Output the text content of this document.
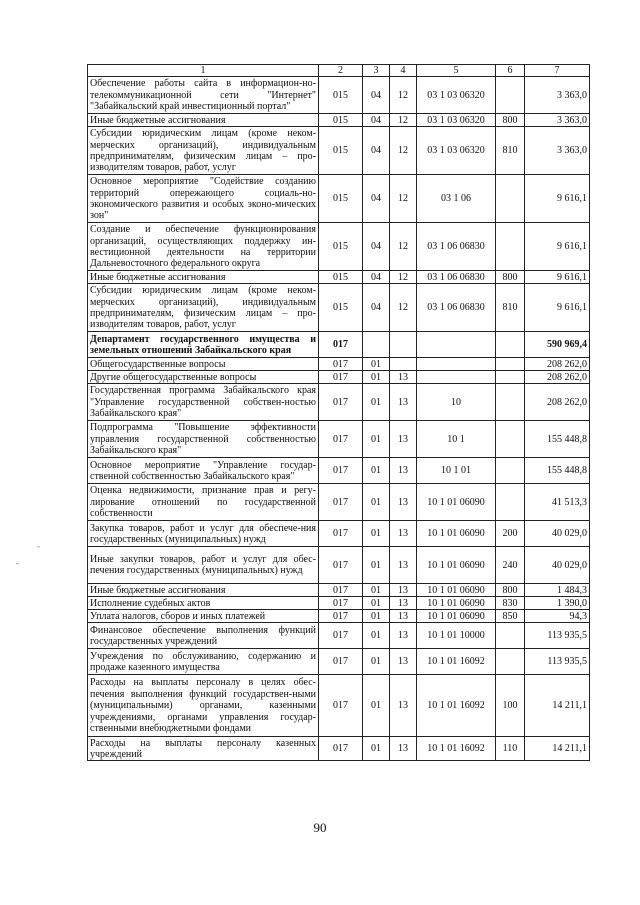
1	2	3	4	5	6	7
Обеспечение работы сайта в информацион-но-телекоммуникационной сети "Интернет" "Забайкальский край инвестиционный портал"	015	04	12	03 1 03 06320		3 363,0
Иные бюджетные ассигнования	015	04	12	03 1 03 06320	800	3 363,0
Субсидии юридическим лицам (кроме неком-мерческих организаций), индивидуальным предпринимателям, физическим лицам – про-изводителям товаров, работ, услуг	015	04	12	03 1 03 06320	810	3 363,0
Основное мероприятие "Содействие созданию территорий опережающего социаль-но-экономического развития и особых эконо-мических зон"	015	04	12	03 1 06		9 616,1
Создание и обеспечение функционирования организаций, осуществляющих поддержку ин-вестиционной деятельности на территории Дальневосточного федерального округа	015	04	12	03 1 06 06830		9 616,1
Иные бюджетные ассигнования	015	04	12	03 1 06 06830	800	9 616,1
Субсидии юридическим лицам (кроме неком-мерческих организаций), индивидуальным предпринимателям, физическим лицам – про-изводителям товаров, работ, услуг	015	04	12	03 1 06 06830	810	9 616,1
Департамент государственного имущества и земельных отношений Забайкальского края	017					590 969,4
Общегосударственные вопросы	017	01				208 262,0
Другие общегосударственные вопросы	017	01	13			208 262,0
Государственная программа Забайкальского края "Управление государственной собствен-ностью Забайкальского края"	017	01	13	10		208 262,0
Подпрограмма "Повышение эффективности управления государственной собственностью Забайкальского края"	017	01	13	10 1		155 448,8
Основное мероприятие "Управление государ-ственной собственностью Забайкальского края"	017	01	13	10 1 01		155 448,8
Оценка недвижимости, признание прав и регу-лирование отношений по государственной собственности	017	01	13	10 1 01 06090		41 513,3
Закупка товаров, работ и услуг для обеспече-ния государственных (муниципальных) нужд	017	01	13	10 1 01 06090	200	40 029,0
Иные закупки товаров, работ и услуг для обес-печения государственных (муниципальных) нужд	017	01	13	10 1 01 06090	240	40 029,0
Иные бюджетные ассигнования	017	01	13	10 1 01 06090	800	1 484,3
Исполнение судебных актов	017	01	13	10 1 01 06090	830	1 390,0
Уплата налогов, сборов и иных платежей	017	01	13	10 1 01 06090	850	94,3
Финансовое обеспечение выполнения функций государственных учреждений	017	01	13	10 1 01 10000		113 935,5
Учреждения по обслуживанию, содержанию и продаже казенного имущества	017	01	13	10 1 01 16092		113 935,5
Расходы на выплаты персоналу в целях обес-печения выполнения функций государствен-ными (муниципальными) органами, казенными учреждениями, органами управления государ-ственными внебюджетными фондами	017	01	13	10 1 01 16092	100	14 211,1
Расходы на выплаты персоналу казенных учреждений	017	01	13	10 1 01 16092	110	14 211,1
90
-
-
